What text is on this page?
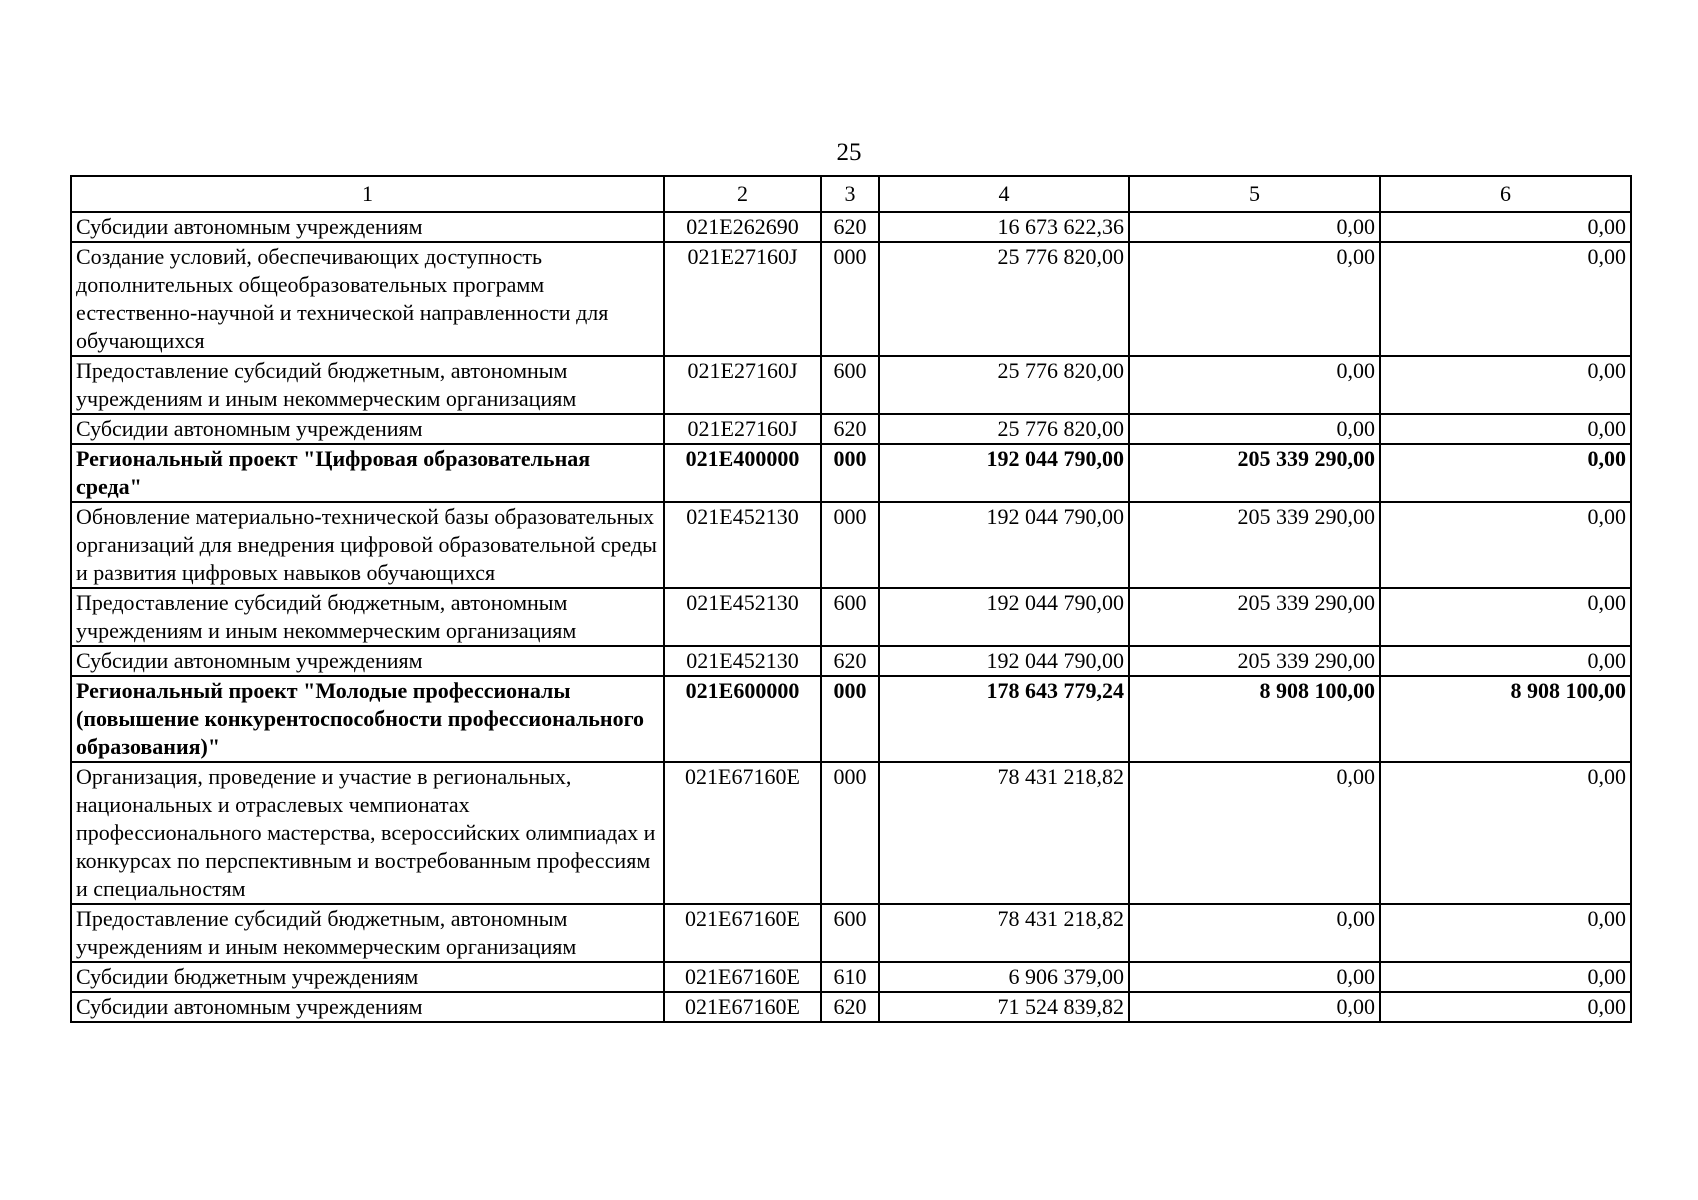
25
1	2	3	4	5	6
Субсидии автономным учреждениям	021E262690	620	16 673 622,36	0,00	0,00
Создание условий, обеспечивающих доступность дополнительных общеобразовательных программ естественно-научной и технической направленности для обучающихся	021E27160J	000	25 776 820,00	0,00	0,00
Предоставление субсидий бюджетным, автономным учреждениям и иным некоммерческим организациям	021E27160J	600	25 776 820,00	0,00	0,00
Субсидии автономным учреждениям	021E27160J	620	25 776 820,00	0,00	0,00
Региональный проект "Цифровая образовательная среда"	021E400000	000	192 044 790,00	205 339 290,00	0,00
Обновление материально-технической базы образовательных организаций для внедрения цифровой образовательной среды и развития цифровых навыков обучающихся	021E452130	000	192 044 790,00	205 339 290,00	0,00
Предоставление субсидий бюджетным, автономным учреждениям и иным некоммерческим организациям	021E452130	600	192 044 790,00	205 339 290,00	0,00
Субсидии автономным учреждениям	021E452130	620	192 044 790,00	205 339 290,00	0,00
Региональный проект "Молодые профессионалы (повышение конкурентоспособности профессионального образования)"	021E600000	000	178 643 779,24	8 908 100,00	8 908 100,00
Организация, проведение и участие в региональных, национальных и отраслевых чемпионатах профессионального мастерства, всероссийских олимпиадах и конкурсах по перспективным и востребованным профессиям и специальностям	021E67160E	000	78 431 218,82	0,00	0,00
Предоставление субсидий бюджетным, автономным учреждениям и иным некоммерческим организациям	021E67160E	600	78 431 218,82	0,00	0,00
Субсидии бюджетным учреждениям	021E67160E	610	6 906 379,00	0,00	0,00
Субсидии автономным учреждениям	021E67160E	620	71 524 839,82	0,00	0,00
